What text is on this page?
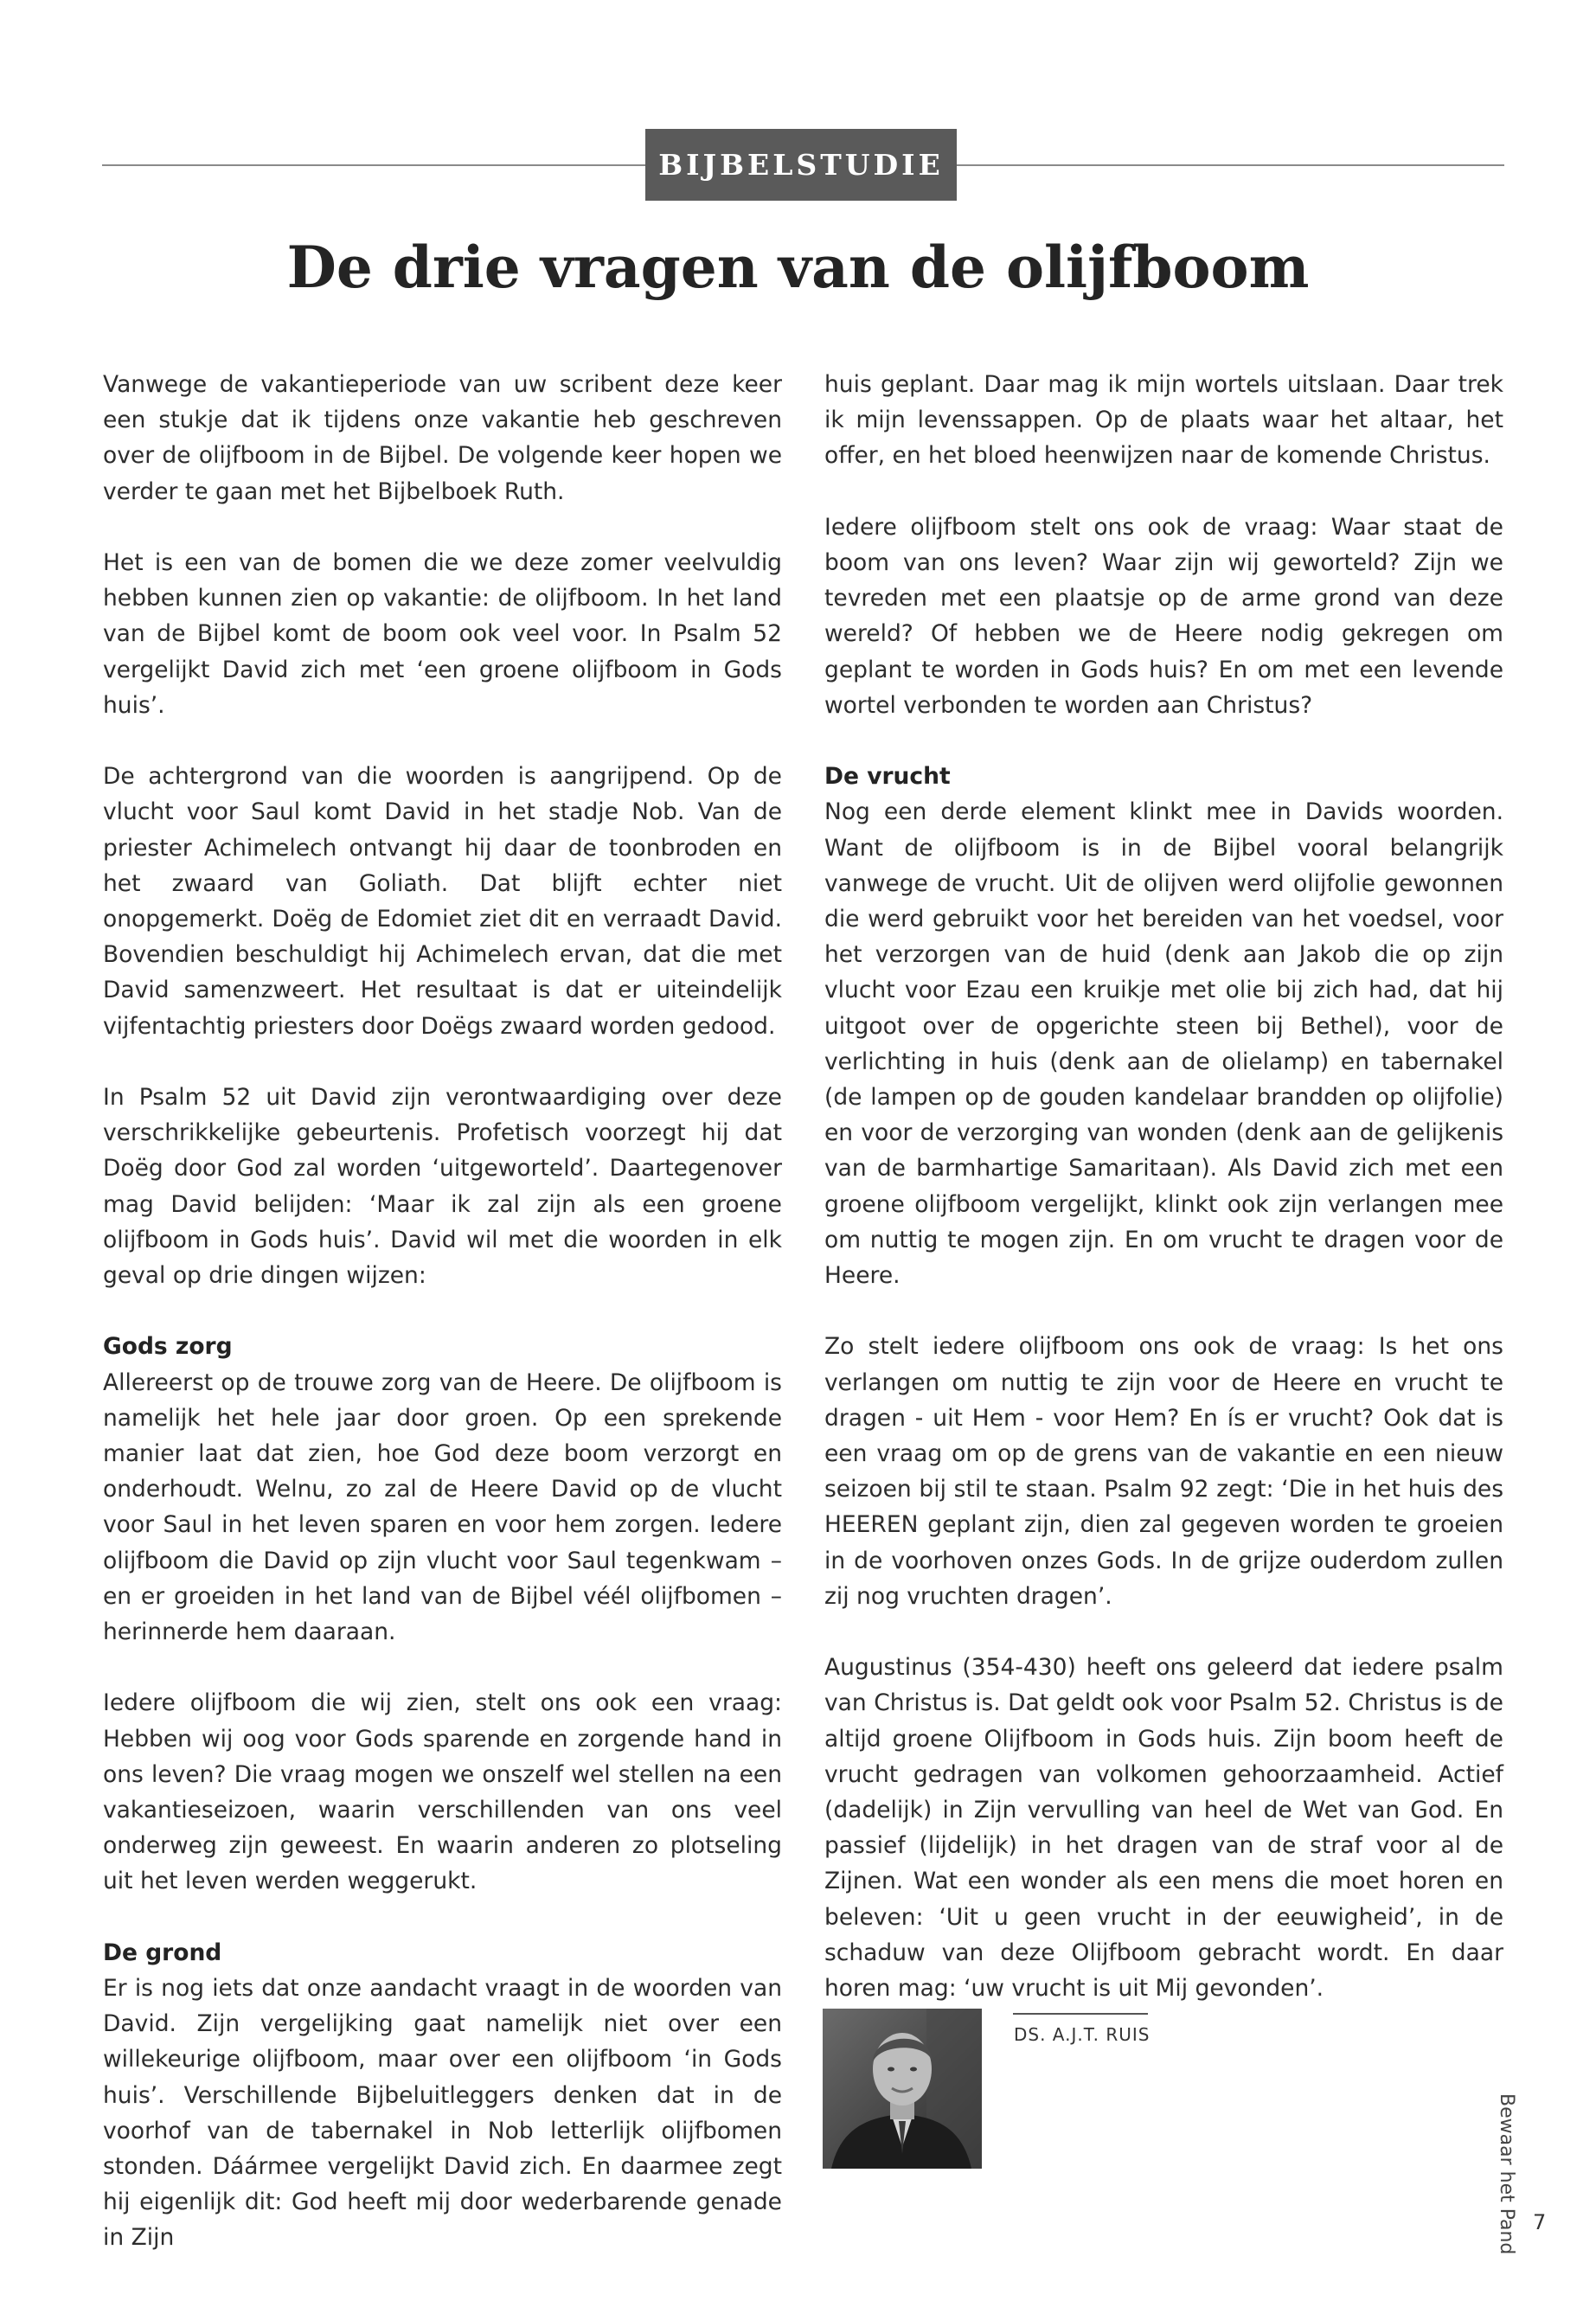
BIJBELSTUDIE
De drie vragen van de olijfboom

Vanwege de vakantieperiode van uw scribent deze keer een stukje dat ik tijdens onze vakantie heb geschreven over de olijfboom in de Bijbel. De volgende keer hopen we verder te gaan met het Bijbelboek Ruth.

Het is een van de bomen die we deze zomer veelvuldig hebben kunnen zien op vakantie: de olijfboom. In het land van de Bijbel komt de boom ook veel voor. In Psalm 52 vergelijkt David zich met ‘een groene olijfboom in Gods huis’.

De achtergrond van die woorden is aangrijpend. Op de vlucht voor Saul komt David in het stadje Nob. Van de priester Achimelech ontvangt hij daar de toonbroden en het zwaard van Goliath. Dat blijft echter niet onopgemerkt. Doëg de Edomiet ziet dit en verraadt David. Bovendien beschuldigt hij Achimelech ervan, dat die met David samenzweert. Het resultaat is dat er uiteindelijk vijfentachtig priesters door Doëgs zwaard worden gedood.

In Psalm 52 uit David zijn verontwaardiging over deze verschrikkelijke gebeurtenis. Profetisch voorzegt hij dat Doëg door God zal worden ‘uitgeworteld’. Daartegenover mag David belijden: ‘Maar ik zal zijn als een groene olijfboom in Gods huis’. David wil met die woorden in elk geval op drie dingen wijzen:

Gods zorg

Allereerst op de trouwe zorg van de Heere. De olijfboom is namelijk het hele jaar door groen. Op een sprekende manier laat dat zien, hoe God deze boom verzorgt en onderhoudt. Welnu, zo zal de Heere David op de vlucht voor Saul in het leven sparen en voor hem zorgen. Iedere olijfboom die David op zijn vlucht voor Saul tegenkwam – en er groeiden in het land van de Bijbel véél olijfbomen – herinnerde hem daaraan.

Iedere olijfboom die wij zien, stelt ons ook een vraag: Hebben wij oog voor Gods sparende en zorgende hand in ons leven? Die vraag mogen we onszelf wel stellen na een vakantieseizoen, waarin verschillenden van ons veel onderweg zijn geweest. En waarin anderen zo plotseling uit het leven werden weggerukt.

De grond

Er is nog iets dat onze aandacht vraagt in de woorden van David. Zijn vergelijking gaat namelijk niet over een willekeurige olijfboom, maar over een olijfboom ‘in Gods huis’. Verschillende Bijbeluitleggers denken dat in de voorhof van de tabernakel in Nob letterlijk olijfbomen stonden. Dáármee vergelijkt David zich. En daarmee zegt hij eigenlijk dit: God heeft mij door wederbarende genade in Zijn

huis geplant. Daar mag ik mijn wortels uitslaan. Daar trek ik mijn levenssappen. Op de plaats waar het altaar, het offer, en het bloed heenwijzen naar de komende Christus.

Iedere olijfboom stelt ons ook de vraag: Waar staat de boom van ons leven? Waar zijn wij geworteld? Zijn we tevreden met een plaatsje op de arme grond van deze wereld? Of hebben we de Heere nodig gekregen om geplant te worden in Gods huis? En om met een levende wortel verbonden te worden aan Christus?

De vrucht

Nog een derde element klinkt mee in Davids woorden. Want de olijfboom is in de Bijbel vooral belangrijk vanwege de vrucht. Uit de olijven werd olijfolie gewonnen die werd gebruikt voor het bereiden van het voedsel, voor het verzorgen van de huid (denk aan Jakob die op zijn vlucht voor Ezau een kruikje met olie bij zich had, dat hij uitgoot over de opgerichte steen bij Bethel), voor de verlichting in huis (denk aan de olielamp) en tabernakel (de lampen op de gouden kandelaar brandden op olijfolie) en voor de verzorging van wonden (denk aan de gelijkenis van de barmhartige Samaritaan). Als David zich met een groene olijfboom vergelijkt, klinkt ook zijn verlangen mee om nuttig te mogen zijn. En om vrucht te dragen voor de Heere.

Zo stelt iedere olijfboom ons ook de vraag: Is het ons verlangen om nuttig te zijn voor de Heere en vrucht te dragen - uit Hem - voor Hem? En ís er vrucht? Ook dat is een vraag om op de grens van de vakantie en een nieuw seizoen bij stil te staan. Psalm 92 zegt: ‘Die in het huis des HEEREN geplant zijn, dien zal gegeven worden te groeien in de voorhoven onzes Gods. In de grijze ouderdom zullen zij nog vruchten dragen’.

Augustinus (354-430) heeft ons geleerd dat iedere psalm van Christus is. Dat geldt ook voor Psalm 52. Christus is de altijd groene Olijfboom in Gods huis. Zijn boom heeft de vrucht gedragen van volkomen gehoorzaamheid. Actief (dadelijk) in Zijn vervulling van heel de Wet van God. En passief (lijdelijk) in het dragen van de straf voor al de Zijnen. Wat een wonder als een mens die moet horen en beleven: ‘Uit u geen vrucht in der eeuwigheid’, in de schaduw van deze Olijfboom gebracht wordt. En daar horen mag: ‘uw vrucht is uit Mij gevonden’.

DS. A.J.T. RUIS
Bewaar het Pand 7
